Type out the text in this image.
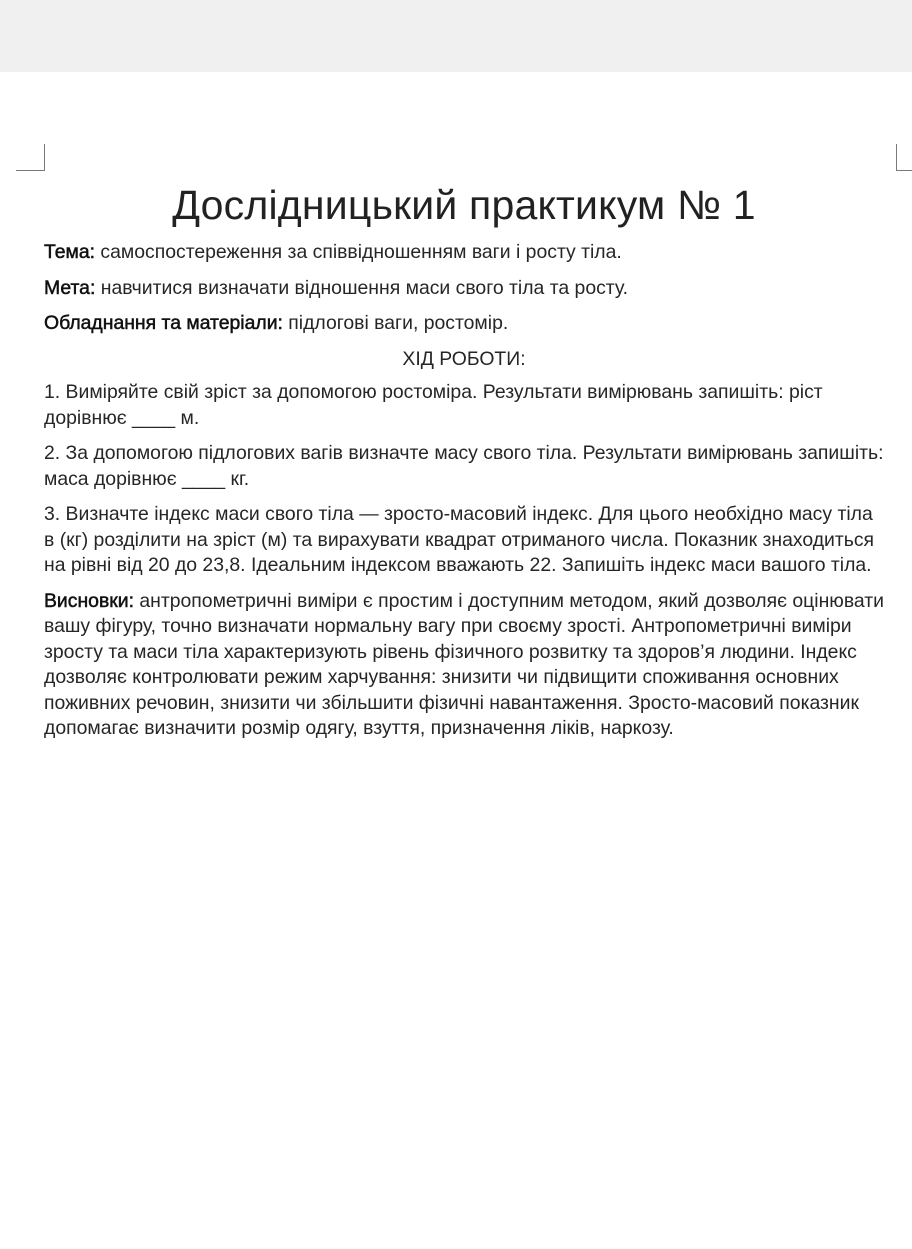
Дослідницький практикум № 1

Тема: самоспостереження за співвідношенням ваги і росту тіла.

Мета: навчитися визначати відношення маси свого тіла та росту.

Обладнання та матеріали: підлогові ваги, ростомір.

ХІД РОБОТИ:

1. Виміряйте свій зріст за допомогою ростоміра. Результати вимірювань запишіть: ріст дорівнює ____ м.

2. За допомогою підлогових вагів визначте масу свого тіла. Результати вимірювань запишіть: маса дорівнює ____ кг.

3. Визначте індекс маси свого тіла — зросто-масовий індекс. Для цього необхідно масу тіла в (кг) розділити на зріст (м) та вирахувати квадрат отриманого числа. Показник знаходиться на рівні від 20 до 23,8. Ідеальним індексом вважають 22. Запишіть індекс маси вашого тіла.

Висновки: антропометричні виміри є простим і доступним методом, який дозволяє оцінювати вашу фігуру, точно визначати нормальну вагу при своєму зрості. Антропометричні виміри зросту та маси тіла характеризують рівень фізичного розвитку та здоров’я людини. Індекс дозволяє контролювати режим харчування: знизити чи підвищити споживання основних поживних речовин, знизити чи збільшити фізичні навантаження. Зросто-масовий показник допомагає визначити розмір одягу, взуття, призначення ліків, наркозу.
